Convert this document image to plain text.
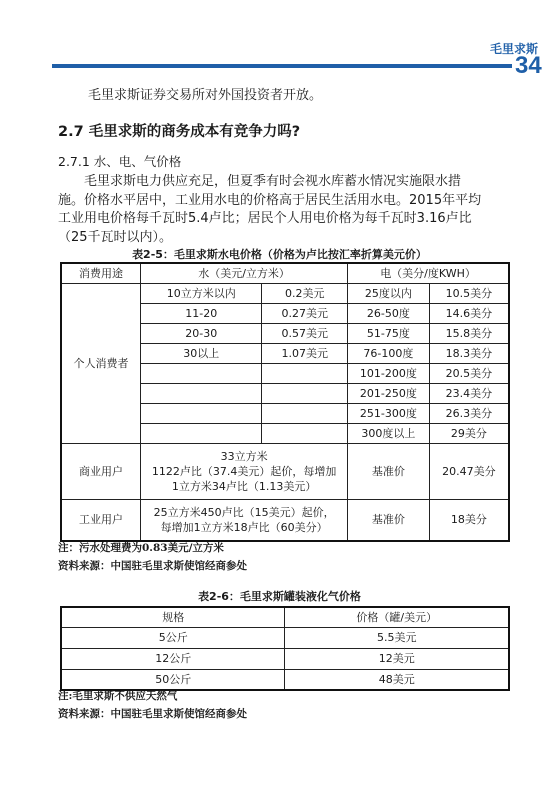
毛里求斯
34
毛里求斯证券交易所对外国投资者开放。
2.7 毛里求斯的商务成本有竞争力吗?
2.7.1 水、电、气价格
毛里求斯电力供应充足，但夏季有时会视水库蓄水情况实施限水措
施。价格水平居中，工业用水电的价格高于居民生活用水电。2015年平均
工业用电价格每千瓦时5.4卢比；居民个人用电价格为每千瓦时3.16卢比
（25千瓦时以内）。
表2-5：毛里求斯水电价格（价格为卢比按汇率折算美元价）
消费用途	水（美元/立方米）		电（美分/度KWH）	
个人消费者	10立方米以内	0.2美元	25度以内	10.5美分
	11-20	0.27美元	26-50度	14.6美分
	20-30	0.57美元	51-75度	15.8美分
	30以上	1.07美元	76-100度	18.3美分
			101-200度	20.5美分
			201-250度	23.4美分
			251-300度	26.3美分
			300度以上	29美分
商业用户	33立方米
1122卢比（37.4美元）起价，每增加
1立方米34卢比（1.13美元）		基准价	20.47美分
工业用户	25立方米450卢比（15美元）起价，
每增加1立方米18卢比（60美分）		基准价	18美分
注：污水处理费为0.83美元/立方米
资料来源：中国驻毛里求斯使馆经商参处
表2-6：毛里求斯罐装液化气价格
规格	价格（罐/美元）
5公斤	5.5美元
12公斤	12美元
50公斤	48美元
注:毛里求斯不供应天然气
资料来源：中国驻毛里求斯使馆经商参处
